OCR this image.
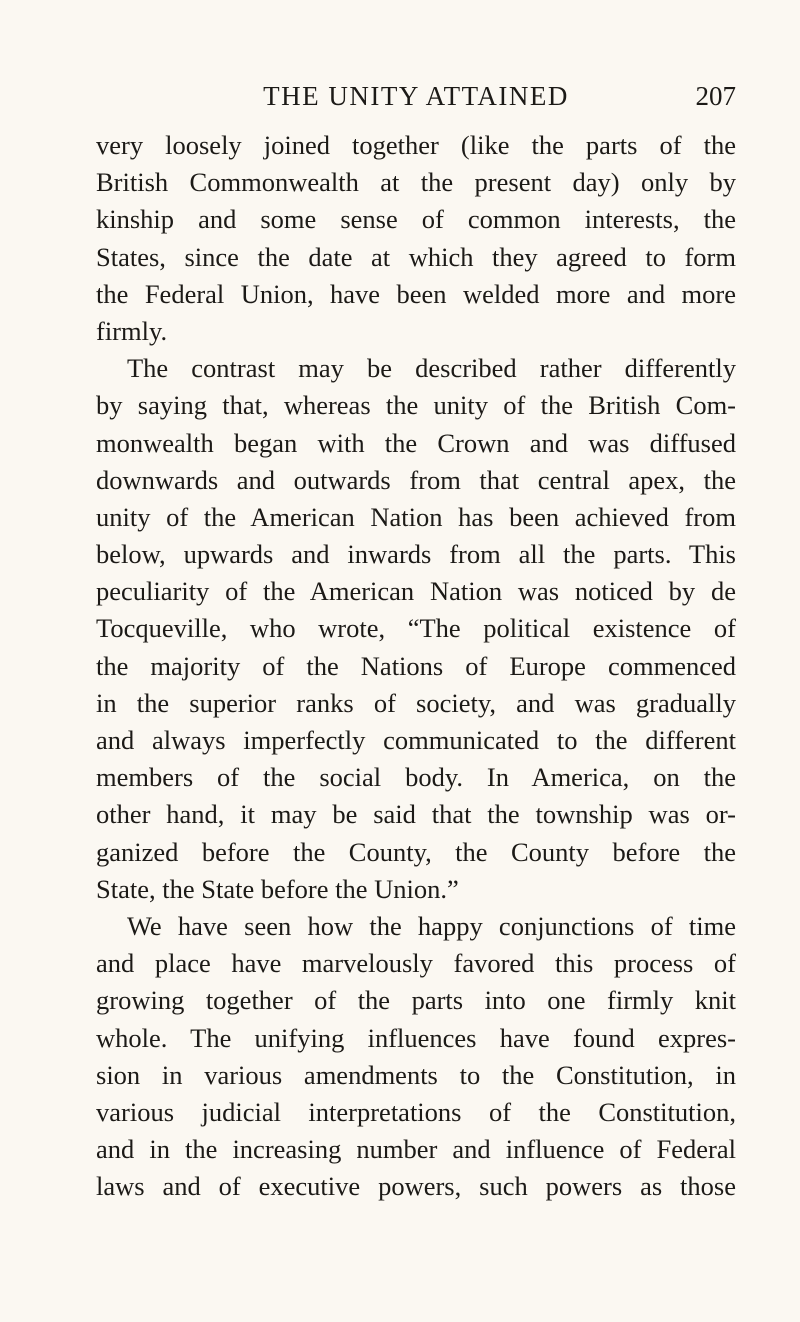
THE UNITY ATTAINED	207
very loosely joined together (like the parts of the
British Commonwealth at the present day) only by
kinship and some sense of common interests, the
States, since the date at which they agreed to form
the Federal Union, have been welded more and more
firmly.
The contrast may be described rather differently
by saying that, whereas the unity of the British Com-
monwealth began with the Crown and was diffused
downwards and outwards from that central apex, the
unity of the American Nation has been achieved from
below, upwards and inwards from all the parts. This
peculiarity of the American Nation was noticed by de
Tocqueville, who wrote, “The political existence of
the majority of the Nations of Europe commenced
in the superior ranks of society, and was gradually
and always imperfectly communicated to the different
members of the social body. In America, on the
other hand, it may be said that the township was or-
ganized before the County, the County before the
State, the State before the Union.”
We have seen how the happy conjunctions of time
and place have marvelously favored this process of
growing together of the parts into one firmly knit
whole. The unifying influences have found expres-
sion in various amendments to the Constitution, in
various judicial interpretations of the Constitution,
and in the increasing number and influence of Federal
laws and of executive powers, such powers as those
